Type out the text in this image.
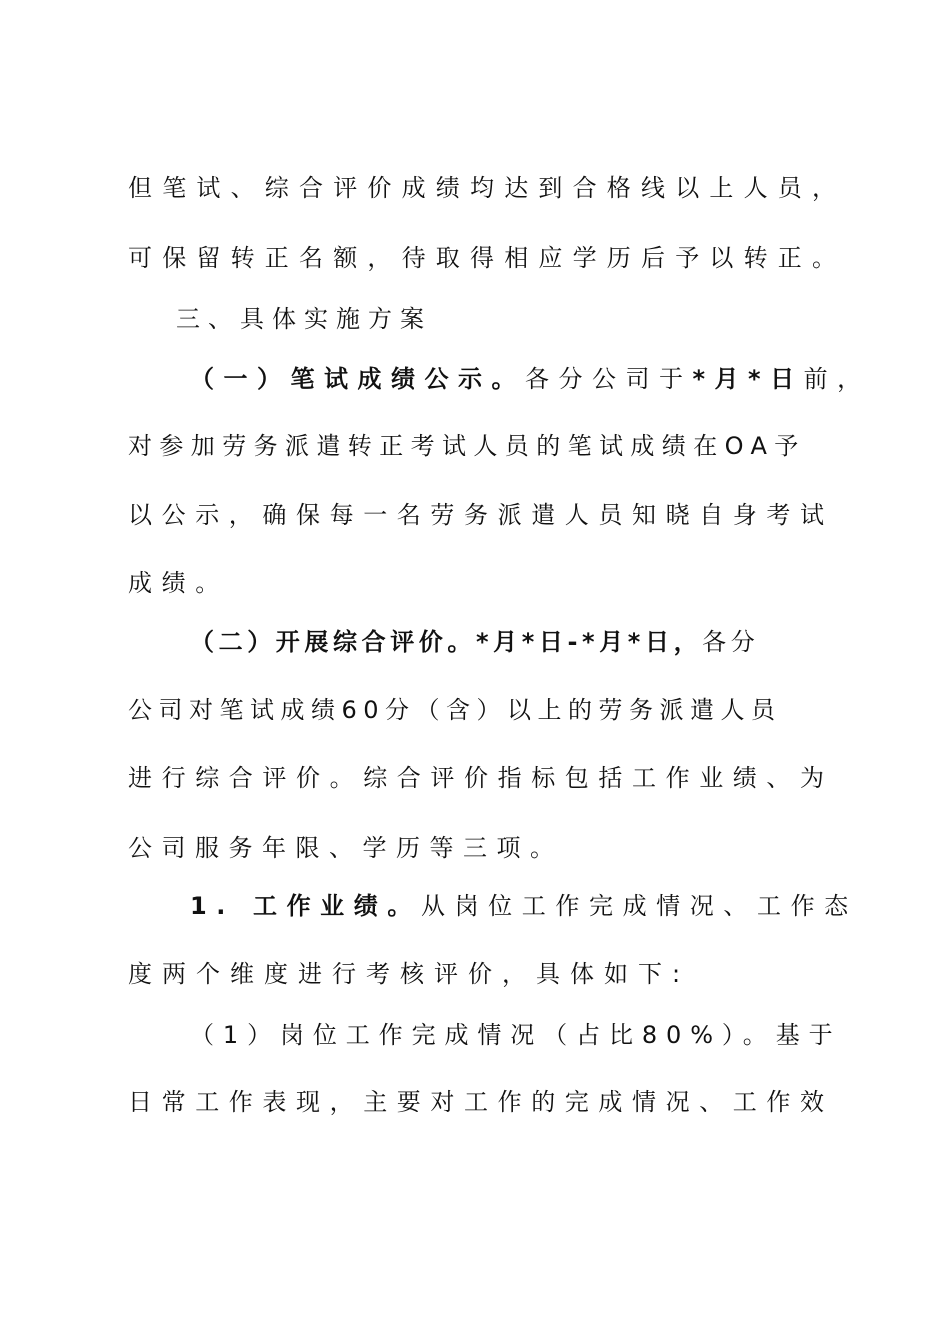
但笔试、综合评价成绩均达到合格线以上人员，
可保留转正名额，待取得相应学历后予以转正。
三、具体实施方案
（一）笔试成绩公示。各分公司于*月*日前，
对参加劳务派遣转正考试人员的笔试成绩在OA予
以公示，确保每一名劳务派遣人员知晓自身考试
成绩。
（二）开展综合评价。*月*日-*月*日，各分
公司对笔试成绩60分（含）以上的劳务派遣人员
进行综合评价。综合评价指标包括工作业绩、为
公司服务年限、学历等三项。
1. 工作业绩。从岗位工作完成情况、工作态
度两个维度进行考核评价，具体如下:
（1）岗位工作完成情况（占比80%）。基于
日常工作表现，主要对工作的完成情况、工作效
